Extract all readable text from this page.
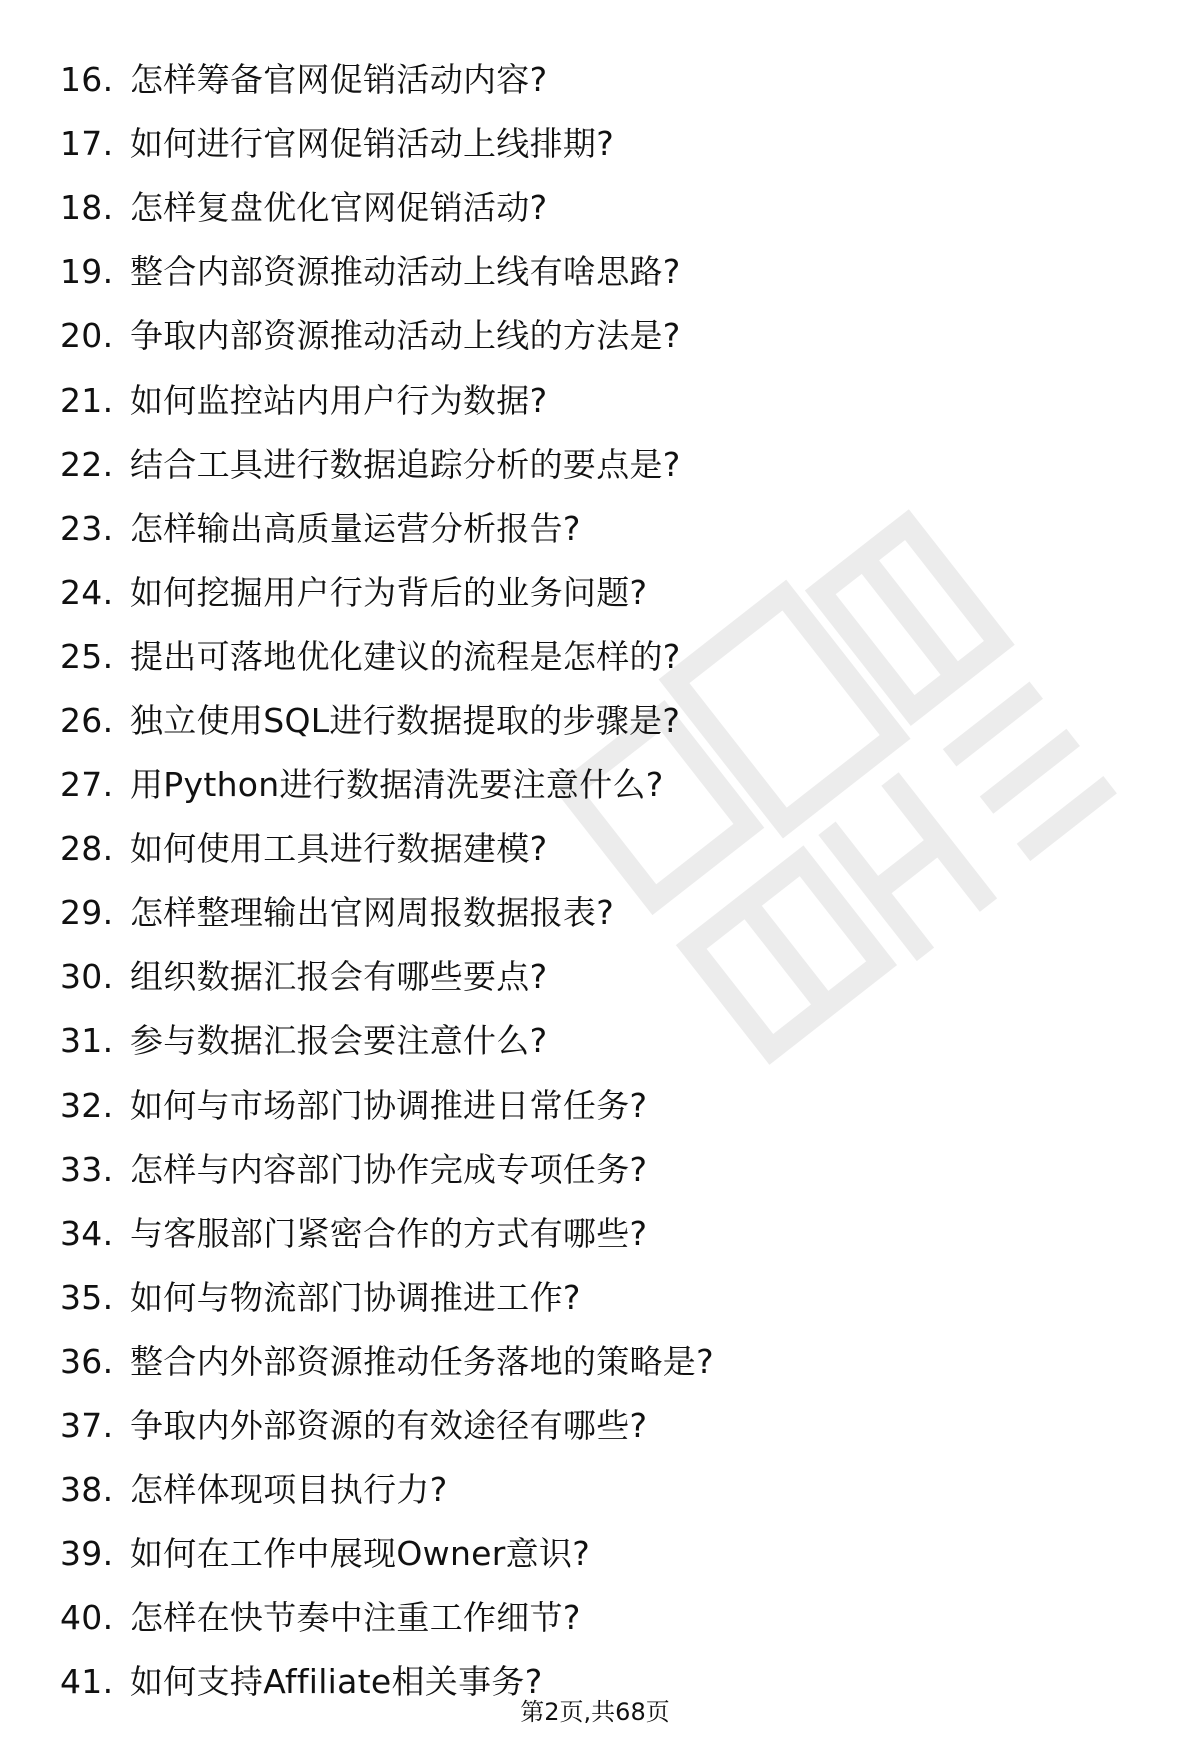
16. 怎样筹备官网促销活动内容?
17. 如何进行官网促销活动上线排期?
18. 怎样复盘优化官网促销活动?
19. 整合内部资源推动活动上线有啥思路?
20. 争取内部资源推动活动上线的方法是?
21. 如何监控站内用户行为数据?
22. 结合工具进行数据追踪分析的要点是?
23. 怎样输出高质量运营分析报告?
24. 如何挖掘用户行为背后的业务问题?
25. 提出可落地优化建议的流程是怎样的?
26. 独立使用SQL进行数据提取的步骤是?
27. 用Python进行数据清洗要注意什么?
28. 如何使用工具进行数据建模?
29. 怎样整理输出官网周报数据报表?
30. 组织数据汇报会有哪些要点?
31. 参与数据汇报会要注意什么?
32. 如何与市场部门协调推进日常任务?
33. 怎样与内容部门协作完成专项任务?
34. 与客服部门紧密合作的方式有哪些?
35. 如何与物流部门协调推进工作?
36. 整合内外部资源推动任务落地的策略是?
37. 争取内外部资源的有效途径有哪些?
38. 怎样体现项目执行力?
39. 如何在工作中展现Owner意识?
40. 怎样在快节奏中注重工作细节?
41. 如何支持Affiliate相关事务?
第2页,共68页
